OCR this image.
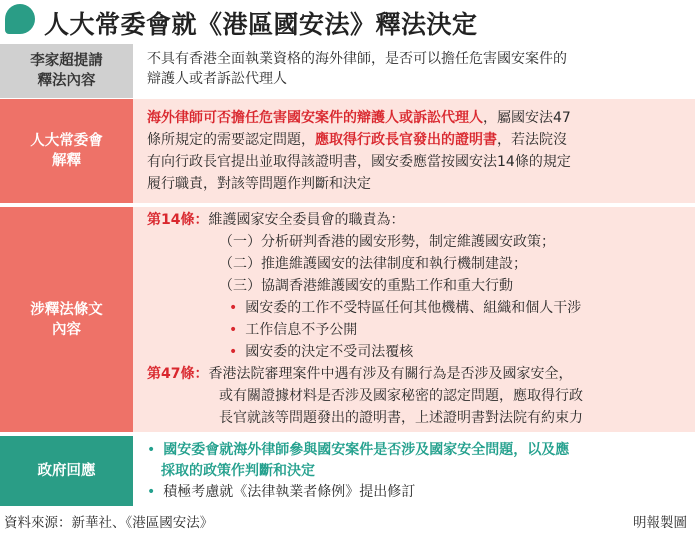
人大常委會就《港區國安法》釋法決定
李家超提請
釋法內容
不具有香港全面執業資格的海外律師，是否可以擔任危害國安案件的
辯護人或者訴訟代理人
人大常委會
解釋
海外律師可否擔任危害國安案件的辯護人或訴訟代理人，屬國安法47
條所規定的需要認定問題，應取得行政長官發出的證明書，若法院沒
有向行政長官提出並取得該證明書，國安委應當按國安法14條的規定
履行職責，對該等問題作判斷和決定
涉釋法條文
內容
第14條：維護國家安全委員會的職責為：
（一）分析研判香港的國安形勢，制定維護國安政策；
（二）推進維護國安的法律制度和執行機制建設；
（三）協調香港維護國安的重點工作和重大行動
• 國安委的工作不受特區任何其他機構、組織和個人干涉
• 工作信息不予公開
• 國安委的決定不受司法覆核
第47條：香港法院審理案件中遇有涉及有關行為是否涉及國家安全，
或有關證據材料是否涉及國家秘密的認定問題，應取得行政
長官就該等問題發出的證明書，上述證明書對法院有約束力
政府回應
• 國安委會就海外律師參與國安案件是否涉及國家安全問題，以及應
採取的政策作判斷和決定
• 積極考慮就《法律執業者條例》提出修訂
資料來源：新華社、《港區國安法》	明報製圖
